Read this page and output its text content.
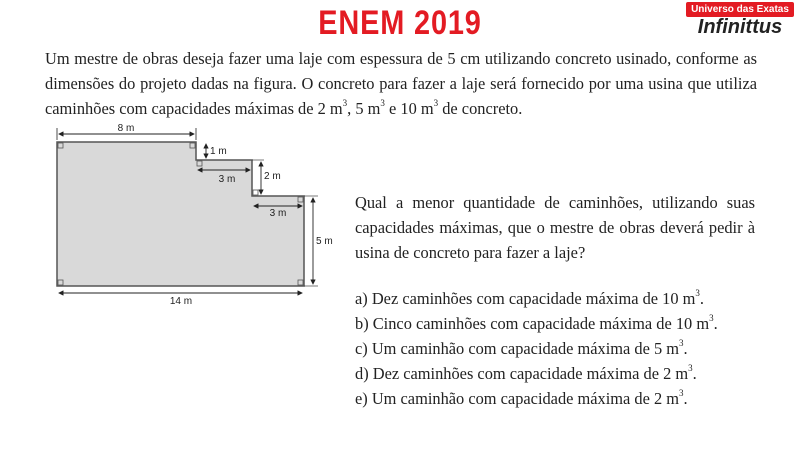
ENEM 2019	Universo das Exatas
Infinittus
Um mestre de obras deseja fazer uma laje com espessura de 5 cm utilizando concreto usinado, conforme as dimensões do projeto dadas na figura. O concreto para fazer a laje será fornecido por uma usina que utiliza caminhões com capacidades máximas de 2 $m^3$, 5 $m^3$ e 10 $m^3$ de concreto.
8 m
1 m
3 m	2 m
3 m
5 m
14 m
Qual a menor quantidade de caminhões, utilizando suas capacidades máximas, que o mestre de obras deverá pedir à usina de concreto para fazer a laje?
a) Dez caminhões com capacidade máxima de 10 $m^3$.
b) Cinco caminhões com capacidade máxima de 10 $m^3$.
c) Um caminhão com capacidade máxima de 5 $m^3$.
d) Dez caminhões com capacidade máxima de 2 $m^3$.
e) Um caminhão com capacidade máxima de 2 $m^3$.
